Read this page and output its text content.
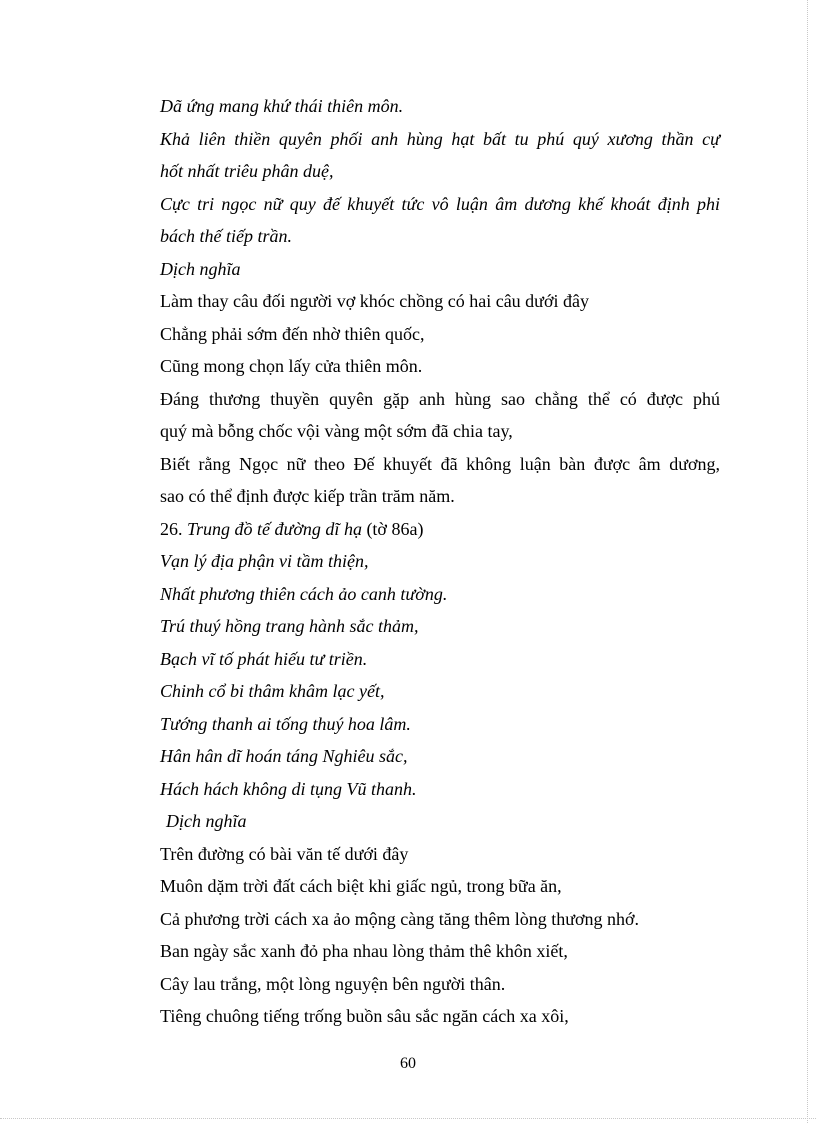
Dã ứng mang khứ thái thiên môn.
Khả liên thiền quyên phối anh hùng hạt bất tu phú quý xương thần cự
hốt nhất triêu phân duệ,
Cực tri ngọc nữ quy đế khuyết tức vô luận âm dương khế khoát định phi
bách thế tiếp trần.
Dịch nghĩa
Làm thay câu đối người vợ khóc chồng có hai câu dưới đây
Chẳng phải sớm đến nhờ thiên quốc,
Cũng mong chọn lấy cửa thiên môn.
Đáng thương thuyền quyên gặp anh hùng sao chẳng thể có được phú
quý mà bỗng chốc vội vàng một sớm đã chia tay,
Biết rằng Ngọc nữ theo Đế khuyết đã không luận bàn được âm dương,
sao có thể định được kiếp trần trăm năm.
26. Trung đồ tế đường dĩ hạ (tờ 86a)
Vạn lý địa phận vi tầm thiện,
Nhất phương thiên cách ảo canh tường.
Trú thuý hồng trang hành sắc thảm,
Bạch vĩ tố phát hiếu tư triền.
Chinh cổ bi thâm khâm lạc yết,
Tướng thanh ai tống thuý hoa lâm.
Hân hân dĩ hoán táng Nghiêu sắc,
Hách hách không di tụng Vũ thanh.
Dịch nghĩa
Trên đường có bài văn tế dưới đây
Muôn dặm trời đất cách biệt khi giấc ngủ, trong bữa ăn,
Cả phương trời cách xa ảo mộng càng tăng thêm lòng thương nhớ.
Ban ngày sắc xanh đỏ pha nhau lòng thảm thê khôn xiết,
Cây lau trắng, một lòng nguyện bên người thân.
Tiêng chuông tiếng trống buồn sâu sắc ngăn cách xa xôi,
60
